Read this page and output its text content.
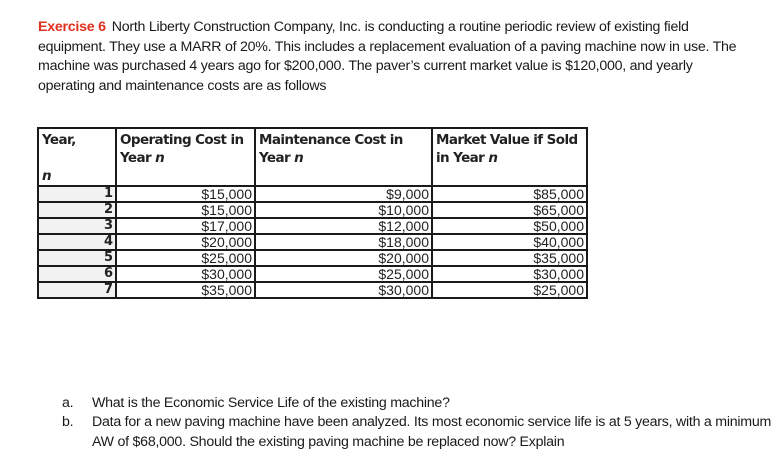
Exercise 6 North Liberty Construction Company, Inc. is conducting a routine periodic review of existing field equipment. They use a MARR of 20%. This includes a replacement evaluation of a paving machine now in use. The machine was purchased 4 years ago for $200,000. The paver’s current market value is $120,000, and yearly operating and maintenance costs are as follows
Year,

n	Operating Cost in Year n	Maintenance Cost in Year n	Market Value if Sold in Year n
1	$15,000	$9,000	$85,000
2	$15,000	$10,000	$65,000
3	$17,000	$12,000	$50,000
4	$20,000	$18,000	$40,000
5	$25,000	$20,000	$35,000
6	$30,000	$25,000	$30,000
7	$35,000	$30,000	$25,000
a.	What is the Economic Service Life of the existing machine?
b.	Data for a new paving machine have been analyzed. Its most economic service life is at 5 years, with a minimum AW of $68,000. Should the existing paving machine be replaced now? Explain
